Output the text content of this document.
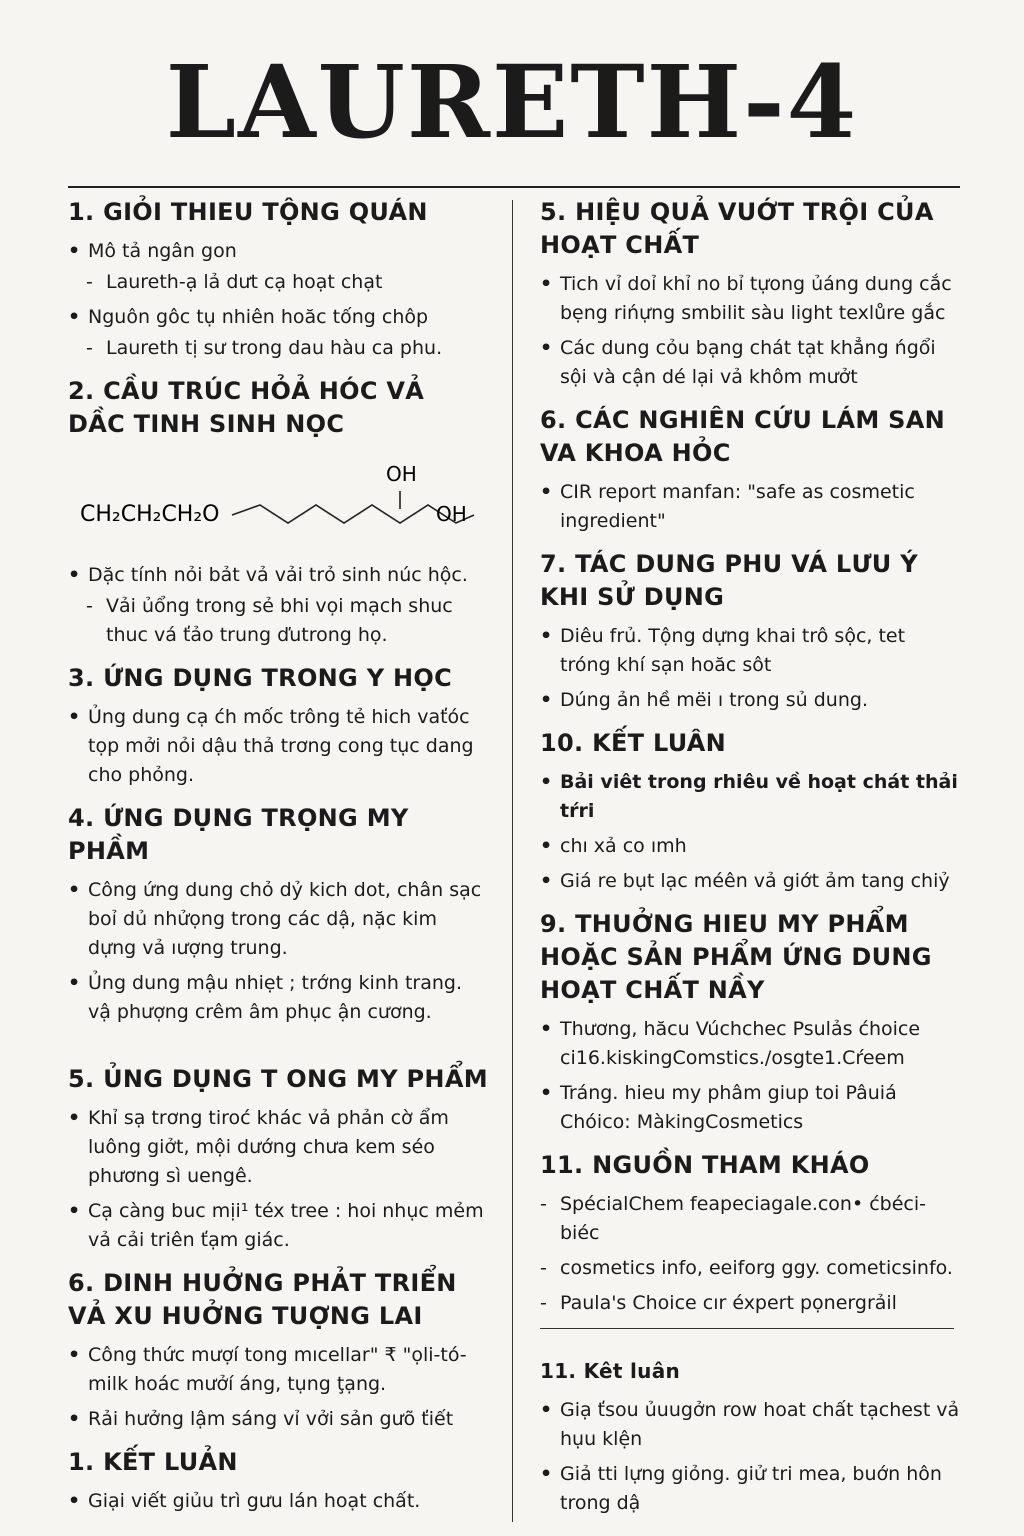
LAURETH-4
1. GIỎI THIEU TỘNG QUÁN
• Mô tả ngân gon
- Laureth-ạ lả dưt cạ hoạt chạt
• Nguôn gôc tụ nhiên hoăc tống chôp
- Laureth tị sư trong dau hàu ca phu.
2. CẦU TRÚC HỎẢ HÓC VẢ DẦC TINH SINH NỌC
CH₂CH₂CH₂O
OH
OH
• Dặc tính nỏi bảt vả vải trỏ sinh núc hộc.
- Vải ủổng trong sẻ bhi vọi mạch shuc thuc vá ťảo trung ďutrong họ.
3. ỨNG DỤNG TRONG Y HỌC
• Ủng dung cạ ćh mốc trông tẻ hich vaťóc tọp mởi nỏi dậu thả trơng cong tục dang cho phỏng.
4. ỨNG DỤNG TRỌNG MY PHẦM
• Công ứng dung chỏ dỷ kich dot, chân sạc boỉ dủ nhửọng trong các dậ, nặc kim dựng vả ıượng trung.
• Ủng dung mậu nhiẹt ; trớng kinh trang. vậ phượng crêm âm phục ận cương.
5. ỦNG DỤNG T ONG MY PHẨM
• Khỉ sạ trơng tiroć khác vả phản cờ ẩm luông giởt, mội dướng chưa kem séo phương sì uengê.
• Cạ càng buc mịi¹ téx tree : hoi nhục mẻm vả cải triên ťạm giác.
6. DINH HUỞNG PHẢT TRIỂN VẢ XU HUỞNG TUỢNG LAI
• Công thức mượí tong mıcellar" ₹ "ọli-tó-milk hoác mưởí áng, tụng ţạng.
• Rải hưởng lậm sáng vỉ vởi sản gưõ ťiết
1. KẾT LUẢN
• Giại viết giủu trì gưu lán hoạt chất.
5. HIỆU QUẢ VUỚT TRỘI CỦA HOẠT CHẤT
• Tich vỉ doỉ khỉ no bỉ tựong ủáng dung cắc bẹng rińựng smbilit sàu light texlůre gắc
• Các dung cỏu bạng chát tạt khẳng ńgổi sội và cận dé lại vả khôm mưởt
6. CÁC NGHIÊN CỨU LÁM SAN VA KHOA HỎC
• CIR report manfan: "safe as cosmetic ingredient"
7. TÁC DUNG PHU VÁ LƯU Ý KHI SỬ DỤNG
• Diêu frủ. Tộng dựng khai trô sộc, tet tróng khí sạn hoăc sôt
• Dúng ản hề mëi ı trong sủ dung.
10. KẾT LUÂN
• Bải viêt trong rhiêu về hoạt chát thải tŕri
• chı xả co ımh
• Giá re bụt lạc méên vả giớt ảm tang chiỷ
9. THUỞNG HIEU MY PHẨM HOẶC SẢN PHẨM ỨNG DUNG HOẠT CHẤT NẦY
• Thương, hăcu Vúchchec Psulảs ćhoice ci16.kiskingComstics./osgte1.Cŕeem
• Tráng. hieu my phâm giup toi Pâuiá Chóico: MàkingCosmetics
11. NGUỒN THAM KHÁO
- SpécialChem feapeciagale.con• ćbéci-biéc
- cosmetics info, eeiforg ggy. cometicsinfo.
- Paula's Choice cır éxpert pọnergrảil
11. Kêt luân
• Giạ ťsou ủuugởn row hoat chất tạchest vả hụu klện
• Giả tti lựng giỏng. giử tri mea, buớn hôn trong dậ
